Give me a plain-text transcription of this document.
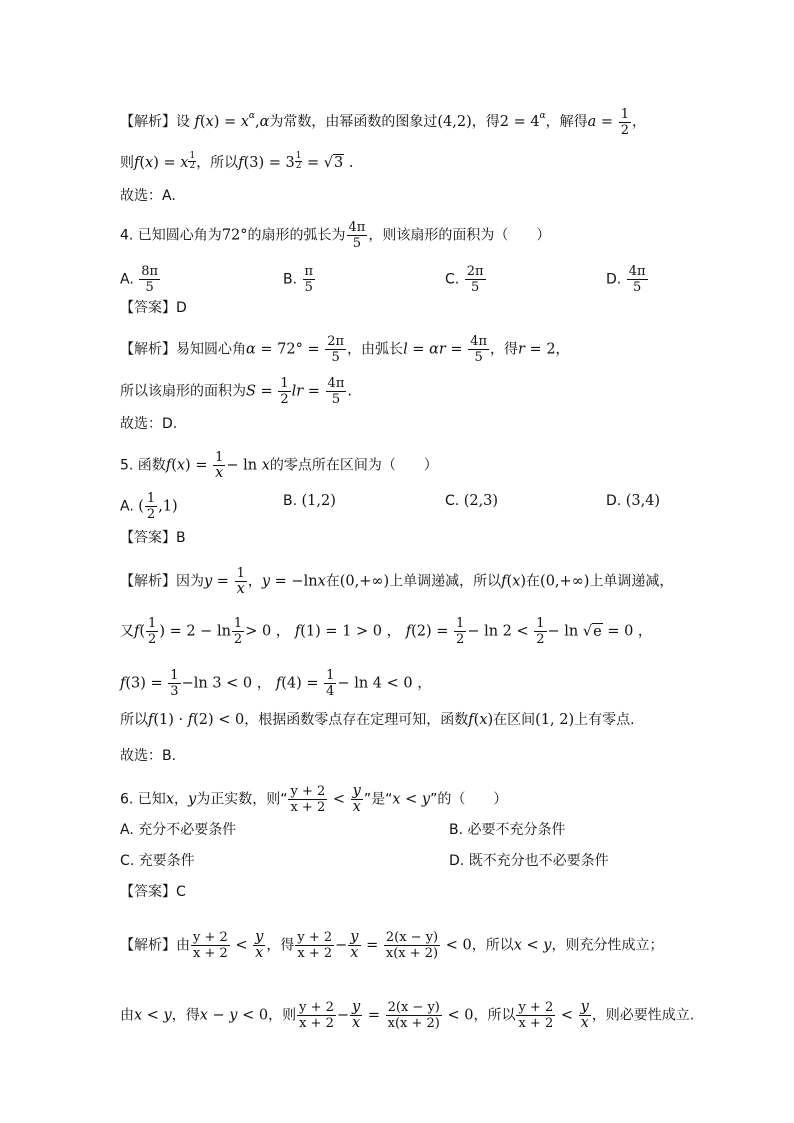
【解析】设 $f(x) = x^\alpha,\alpha$为常数，由幂函数的图象过(4,2)，得$2 = 4^\alpha$，解得$a = \frac{1}{2}$ ，
则f(x) = x $\frac{1}{2}$ ，所以$f(3) = 3 \frac{1}{2} = √3$ .
故选：A.
4. 已知圆心角为72°的扇形的弧长为 $\frac{4\pi}{5}$ ，则该扇形的面积为（　　）
A. $\frac{8\pi}{5}$	B. $\frac{\pi}{5}$	C. $\frac{2\pi}{5}$	D. $\frac{4\pi}{5}$
【答案】D
【解析】易知圆心角$\alpha = 72^\circ = \frac{2\pi}{5}$ ，由弧长$l = \alpha r = \frac{4\pi}{5}$ ，得r = 2，
所以该扇形的面积为$S = \frac{1}{2}$ lr = $\frac{4\pi}{5}$ .
故选：D.
5. 函数$f(x) = \frac{1}{x} - \ln x$的零点所在区间为（　　）
A. ( $\frac{1}{2} ,1$)	B. (1,2)	C. (2,3)	D. (3,4)
【答案】B
【解析】因为$y = \frac{1}{x}$ ，y = −lnx在(0,+∞)上单调递减，所以f(x)在(0,+∞)上单调递减，
又$f( \frac{1}{2}$ ) = $2 - \ln \frac{1}{2} > 0$ ， f(1) = 1 > 0 ， $f(2) = \frac{1}{2} - \ln 2 < \frac{1}{2} - \ln √e = 0$ ，
$f(3) = \frac{1}{3} -\ln$ 3 < 0 ， $f(4) = \frac{1}{4} - \ln 4 < 0$ ，
所以f(1) · f(2) < 0，根据函数零点存在定理可知，函数f(x)在区间(1, 2)上有零点.
故选：B.
6. 已知x，y为正实数，则“ $\frac{y + 2}{x + 2} < \frac{y}{x}$ ”是“x < y”的（　　）
A. 充分不必要条件	B. 必要不充分条件
C. 充要条件	D. 既不充分也不必要条件
【答案】C
【解析】由 $\frac{y + 2}{x + 2} < \frac{y}{x}$ ，得 $\frac{y + 2}{x + 2} - \frac{y}{x} = \frac{2(x - y)}{x(x + 2)} < 0$，所以x < y，则充分性成立；
由x < y，得x − y < 0，则 $\frac{y + 2}{x + 2} - \frac{y}{x} = \frac{2(x - y)}{x(x + 2)} < 0$，所以 $\frac{y + 2}{x + 2} < \frac{y}{x}$ ，则必要性成立.
